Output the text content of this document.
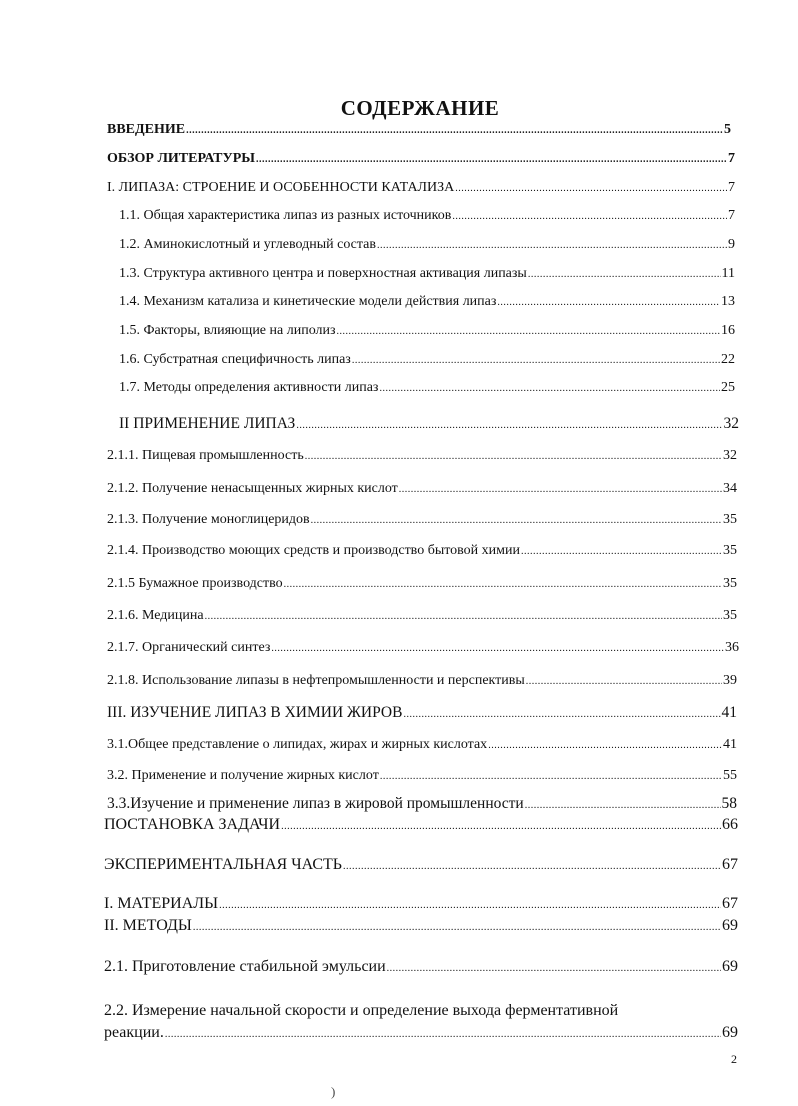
СОДЕРЖАНИЕ
ВВЕДЕНИЕ .....	5
ОБЗОР ЛИТЕРАТУРЫ .....	7
I. ЛИПАЗА: СТРОЕНИЕ И ОСОБЕННОСТИ КАТАЛИЗА .....	7
1.1. Общая характеристика липаз из разных источников .....	7
1.2. Аминокислотный и углеводный состав .....	9
1.3. Структура активного центра и поверхностная активация липазы .....	11
1.4. Механизм катализа и кинетические модели действия липаз .....	13
1.5. Факторы, влияющие на липолиз .....	16
1.6. Субстратная специфичность липаз .....	22
1.7. Методы определения активности липаз .....	25
II ПРИМЕНЕНИЕ ЛИПАЗ .....	32
2.1.1. Пищевая промышленность .....	32
2.1.2. Получение ненасыщенных жирных кислот .....	34
2.1.3. Получение моноглицеридов .....	35
2.1.4. Производство моющих средств и производство бытовой химии .....	35
2.1.5 Бумажное производство .....	35
2.1.6. Медицина .....	35
2.1.7. Органический синтез .....	36
2.1.8. Использование липазы в нефтепромышленности и перспективы .....	39
III. ИЗУЧЕНИЕ ЛИПАЗ В ХИМИИ ЖИРОВ .....	41
3.1.Общее представление о липидах, жирах и жирных кислотах .....	41
3.2. Применение и получение жирных кислот .....	55
3.3.Изучение и применение липаз в жировой промышленности .....	58
ПОСТАНОВКА ЗАДАЧИ .....	66
ЭКСПЕРИМЕНТАЛЬНАЯ ЧАСТЬ .....	67
I. МАТЕРИАЛЫ .....	67
II. МЕТОДЫ .....	69
2.1. Приготовление стабильной эмульсии .....	69
2.2. Измерение начальной скорости и определение выхода ферментативной
реакции. .....	69
2
)
